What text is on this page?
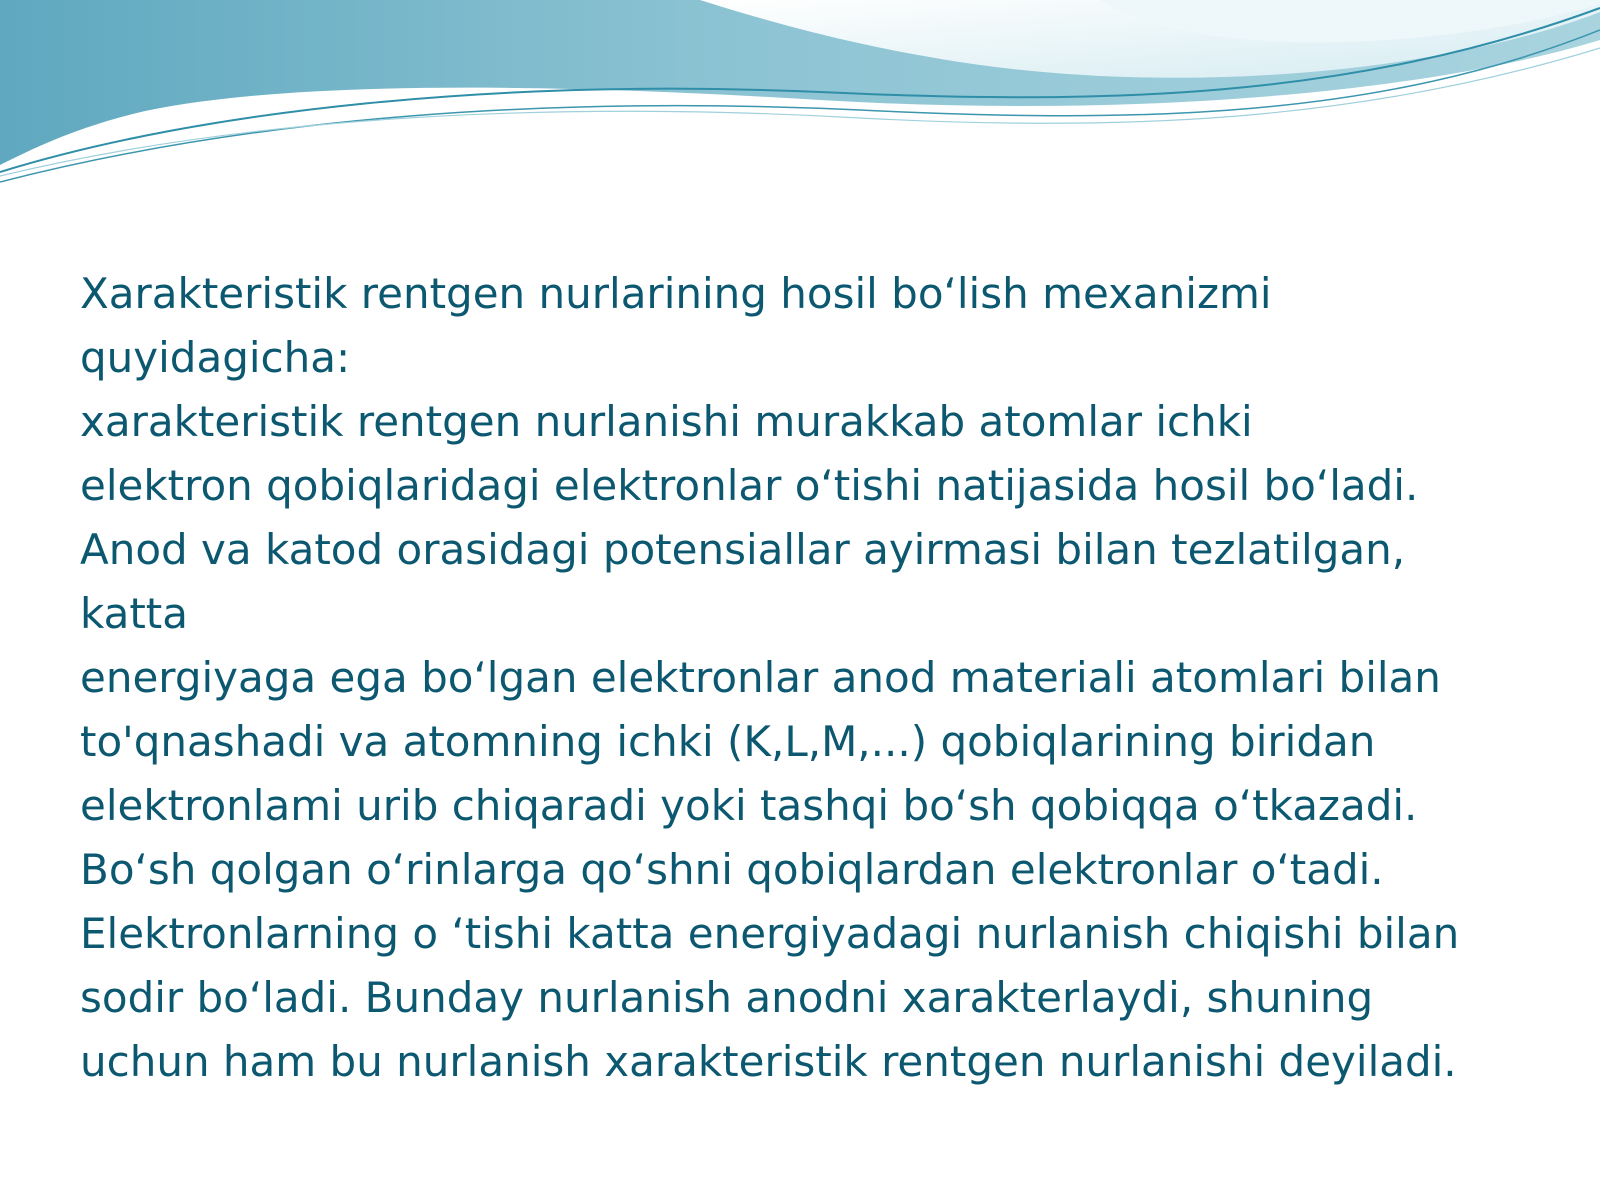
Xarakteristik rentgen nurlarining hosil boʻlish mexanizmi
quyidagicha:
xarakteristik rentgen nurlanishi murakkab atomlar ichki
elektron qobiqlaridagi elektronlar oʻtishi natijasida hosil boʻladi.
Anod va katod orasidagi potensiallar ayirmasi bilan tezlatilgan,
katta
energiyaga ega boʻlgan elektronlar anod materiali atomlari bilan
to'qnashadi va atomning ichki (K,L,M,...) qobiqlarining biridan
elektronlami urib chiqaradi yoki tashqi boʻsh qobiqqa oʻtkazadi.
Boʻsh qolgan oʻrinlarga qoʻshni qobiqlardan elektronlar oʻtadi.
Elektronlarning o ʻtishi katta energiyadagi nurlanish chiqishi bilan
sodir boʻladi. Bunday nurlanish anodni xarakterlaydi, shuning
uchun ham bu nurlanish xarakteristik rentgen nurlanishi deyiladi.
